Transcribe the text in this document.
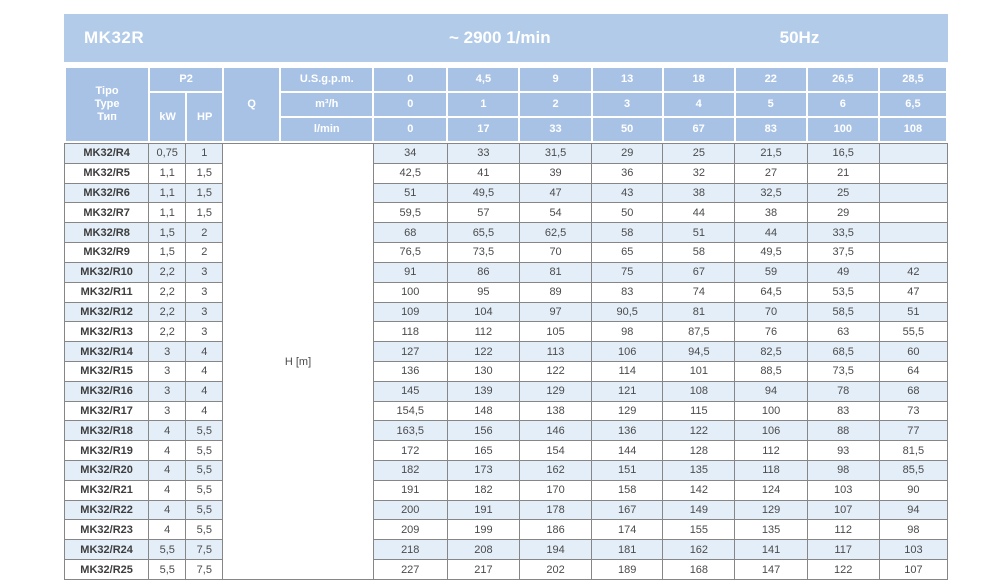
MK32R	~ 2900 1/min	50Hz
Tipo
Type
Тип	P2		Q	U.S.g.p.m.	0	4,5	9	13	18	22	26,5	28,5
	kW	HP		m³/h	0	1	2	3	4	5	6	6,5
				l/min	0	17	33	50	67	83	100	108
MK32/R4	0,75	1	H [m]	34	33	31,5	29	25	21,5	16,5	
MK32/R5	1,1	1,5		42,5	41	39	36	32	27	21	
MK32/R6	1,1	1,5		51	49,5	47	43	38	32,5	25	
MK32/R7	1,1	1,5		59,5	57	54	50	44	38	29	
MK32/R8	1,5	2		68	65,5	62,5	58	51	44	33,5	
MK32/R9	1,5	2		76,5	73,5	70	65	58	49,5	37,5	
MK32/R10	2,2	3		91	86	81	75	67	59	49	42
MK32/R11	2,2	3		100	95	89	83	74	64,5	53,5	47
MK32/R12	2,2	3		109	104	97	90,5	81	70	58,5	51
MK32/R13	2,2	3		118	112	105	98	87,5	76	63	55,5
MK32/R14	3	4		127	122	113	106	94,5	82,5	68,5	60
MK32/R15	3	4		136	130	122	114	101	88,5	73,5	64
MK32/R16	3	4		145	139	129	121	108	94	78	68
MK32/R17	3	4		154,5	148	138	129	115	100	83	73
MK32/R18	4	5,5		163,5	156	146	136	122	106	88	77
MK32/R19	4	5,5		172	165	154	144	128	112	93	81,5
MK32/R20	4	5,5		182	173	162	151	135	118	98	85,5
MK32/R21	4	5,5		191	182	170	158	142	124	103	90
MK32/R22	4	5,5		200	191	178	167	149	129	107	94
MK32/R23	4	5,5		209	199	186	174	155	135	112	98
MK32/R24	5,5	7,5		218	208	194	181	162	141	117	103
MK32/R25	5,5	7,5		227	217	202	189	168	147	122	107
